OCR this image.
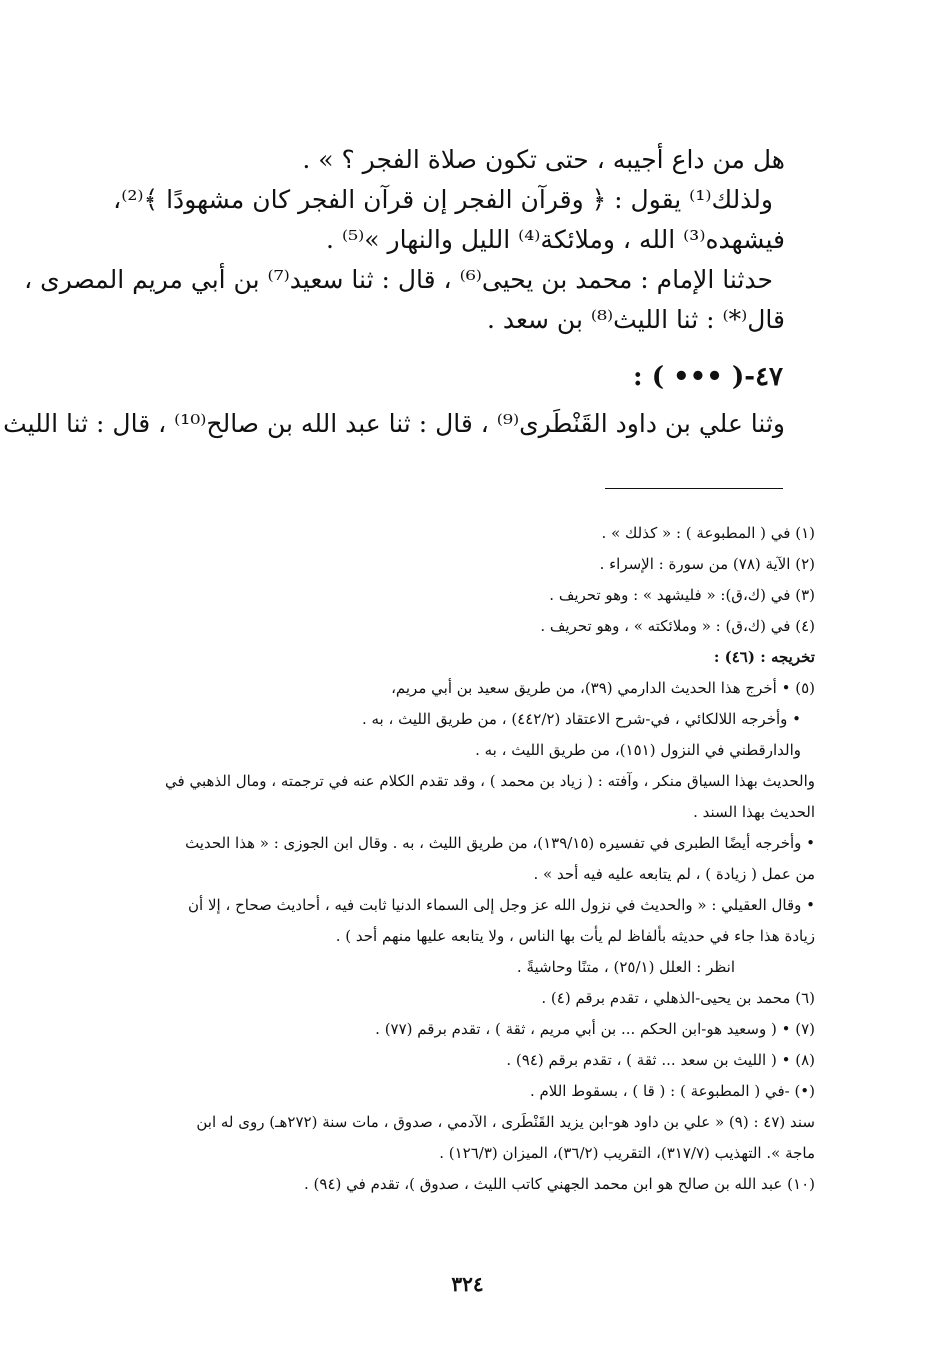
هل من داع أجيبه ، حتى تكون صلاة الفجر ؟ » .

ولذلك⁽¹⁾ يقول : ﴿ وقرآن الفجر إن قرآن الفجر كان مشهودًا ﴾⁽²⁾،

فيشهده⁽³⁾ الله ، وملائكة⁽⁴⁾ الليل والنهار »⁽⁵⁾ .

حدثنا الإمام : محمد بن يحيى⁽⁶⁾ ، قال : ثنا سعيد⁽⁷⁾ بن أبي مريم المصرى ،

قال⁽*⁾ : ثنا الليث⁽⁸⁾ بن سعد .

٤٧-( ••• ) :

وثنا علي بن داود القَنْطَرى⁽⁹⁾ ، قال : ثنا عبد الله بن صالح⁽¹⁰⁾ ، قال : ثنا الليث

(١) في ( المطبوعة ) : « كذلك » .

(٢) الآية (٧٨) من سورة : الإسراء .

(٣) في (ك،ق): « فليشهد » : وهو تحريف .

(٤) في (ك،ق) : « وملائكته » ، وهو تحريف .

تخريجه : (٤٦) :

(٥) • أخرج هذا الحديث الدارمي (٣٩)، من طريق سعيد بن أبي مريم،

• وأخرجه اللالكائي ، في-شرح الاعتقاد (٤٤٢/٢) ، من طريق الليث ، به .

والدارقطني في النزول (١٥١)، من طريق الليث ، به .

والحديث بهذا السياق منكر ، وآفته : ( زياد بن محمد ) ، وقد تقدم الكلام عنه في ترجمته ، ومال الذهبي في

الحديث بهذا السند .

• وأخرجه أيضًا الطبرى في تفسيره (١٣٩/١٥)، من طريق الليث ، به . وقال ابن الجوزى : « هذا الحديث

من عمل ( زيادة ) ، لم يتابعه عليه فيه أحد » .

• وقال العقيلي : « والحديث في نزول الله عز وجل إلى السماء الدنيا ثابت فيه ، أحاديث صحاح ، إلا أن

زيادة هذا جاء في حديثه بألفاظ لم يأت بها الناس ، ولا يتابعه عليها منهم أحد ) .

انظر : العلل (٢٥/١) ، متنًا وحاشيةً .

(٦) محمد بن يحيى-الذهلي ، تقدم برقم (٤) .

(٧) • ( وسعيد هو-ابن الحكم ... بن أبي مريم ، ثقة ) ، تقدم برقم (٧٧) .

(٨) • ( الليث بن سعد ... ثقة ) ، تقدم برقم (٩٤) .

(•) -في ( المطبوعة ) : ( قا ) ، بسقوط اللام .

سند (٤٧ : (٩) « علي بن داود هو-ابن يزيد القَنْطَرى ، الآدمي ، صدوق ، مات سنة (٢٧٢هـ) روى له ابن

ماجة ». التهذيب (٣١٧/٧)، التقريب (٣٦/٢)، الميزان (١٢٦/٣) .

(١٠) عبد الله بن صالح هو ابن محمد الجهني كاتب الليث ، صدوق )، تقدم في (٩٤) .

٣٢٤
